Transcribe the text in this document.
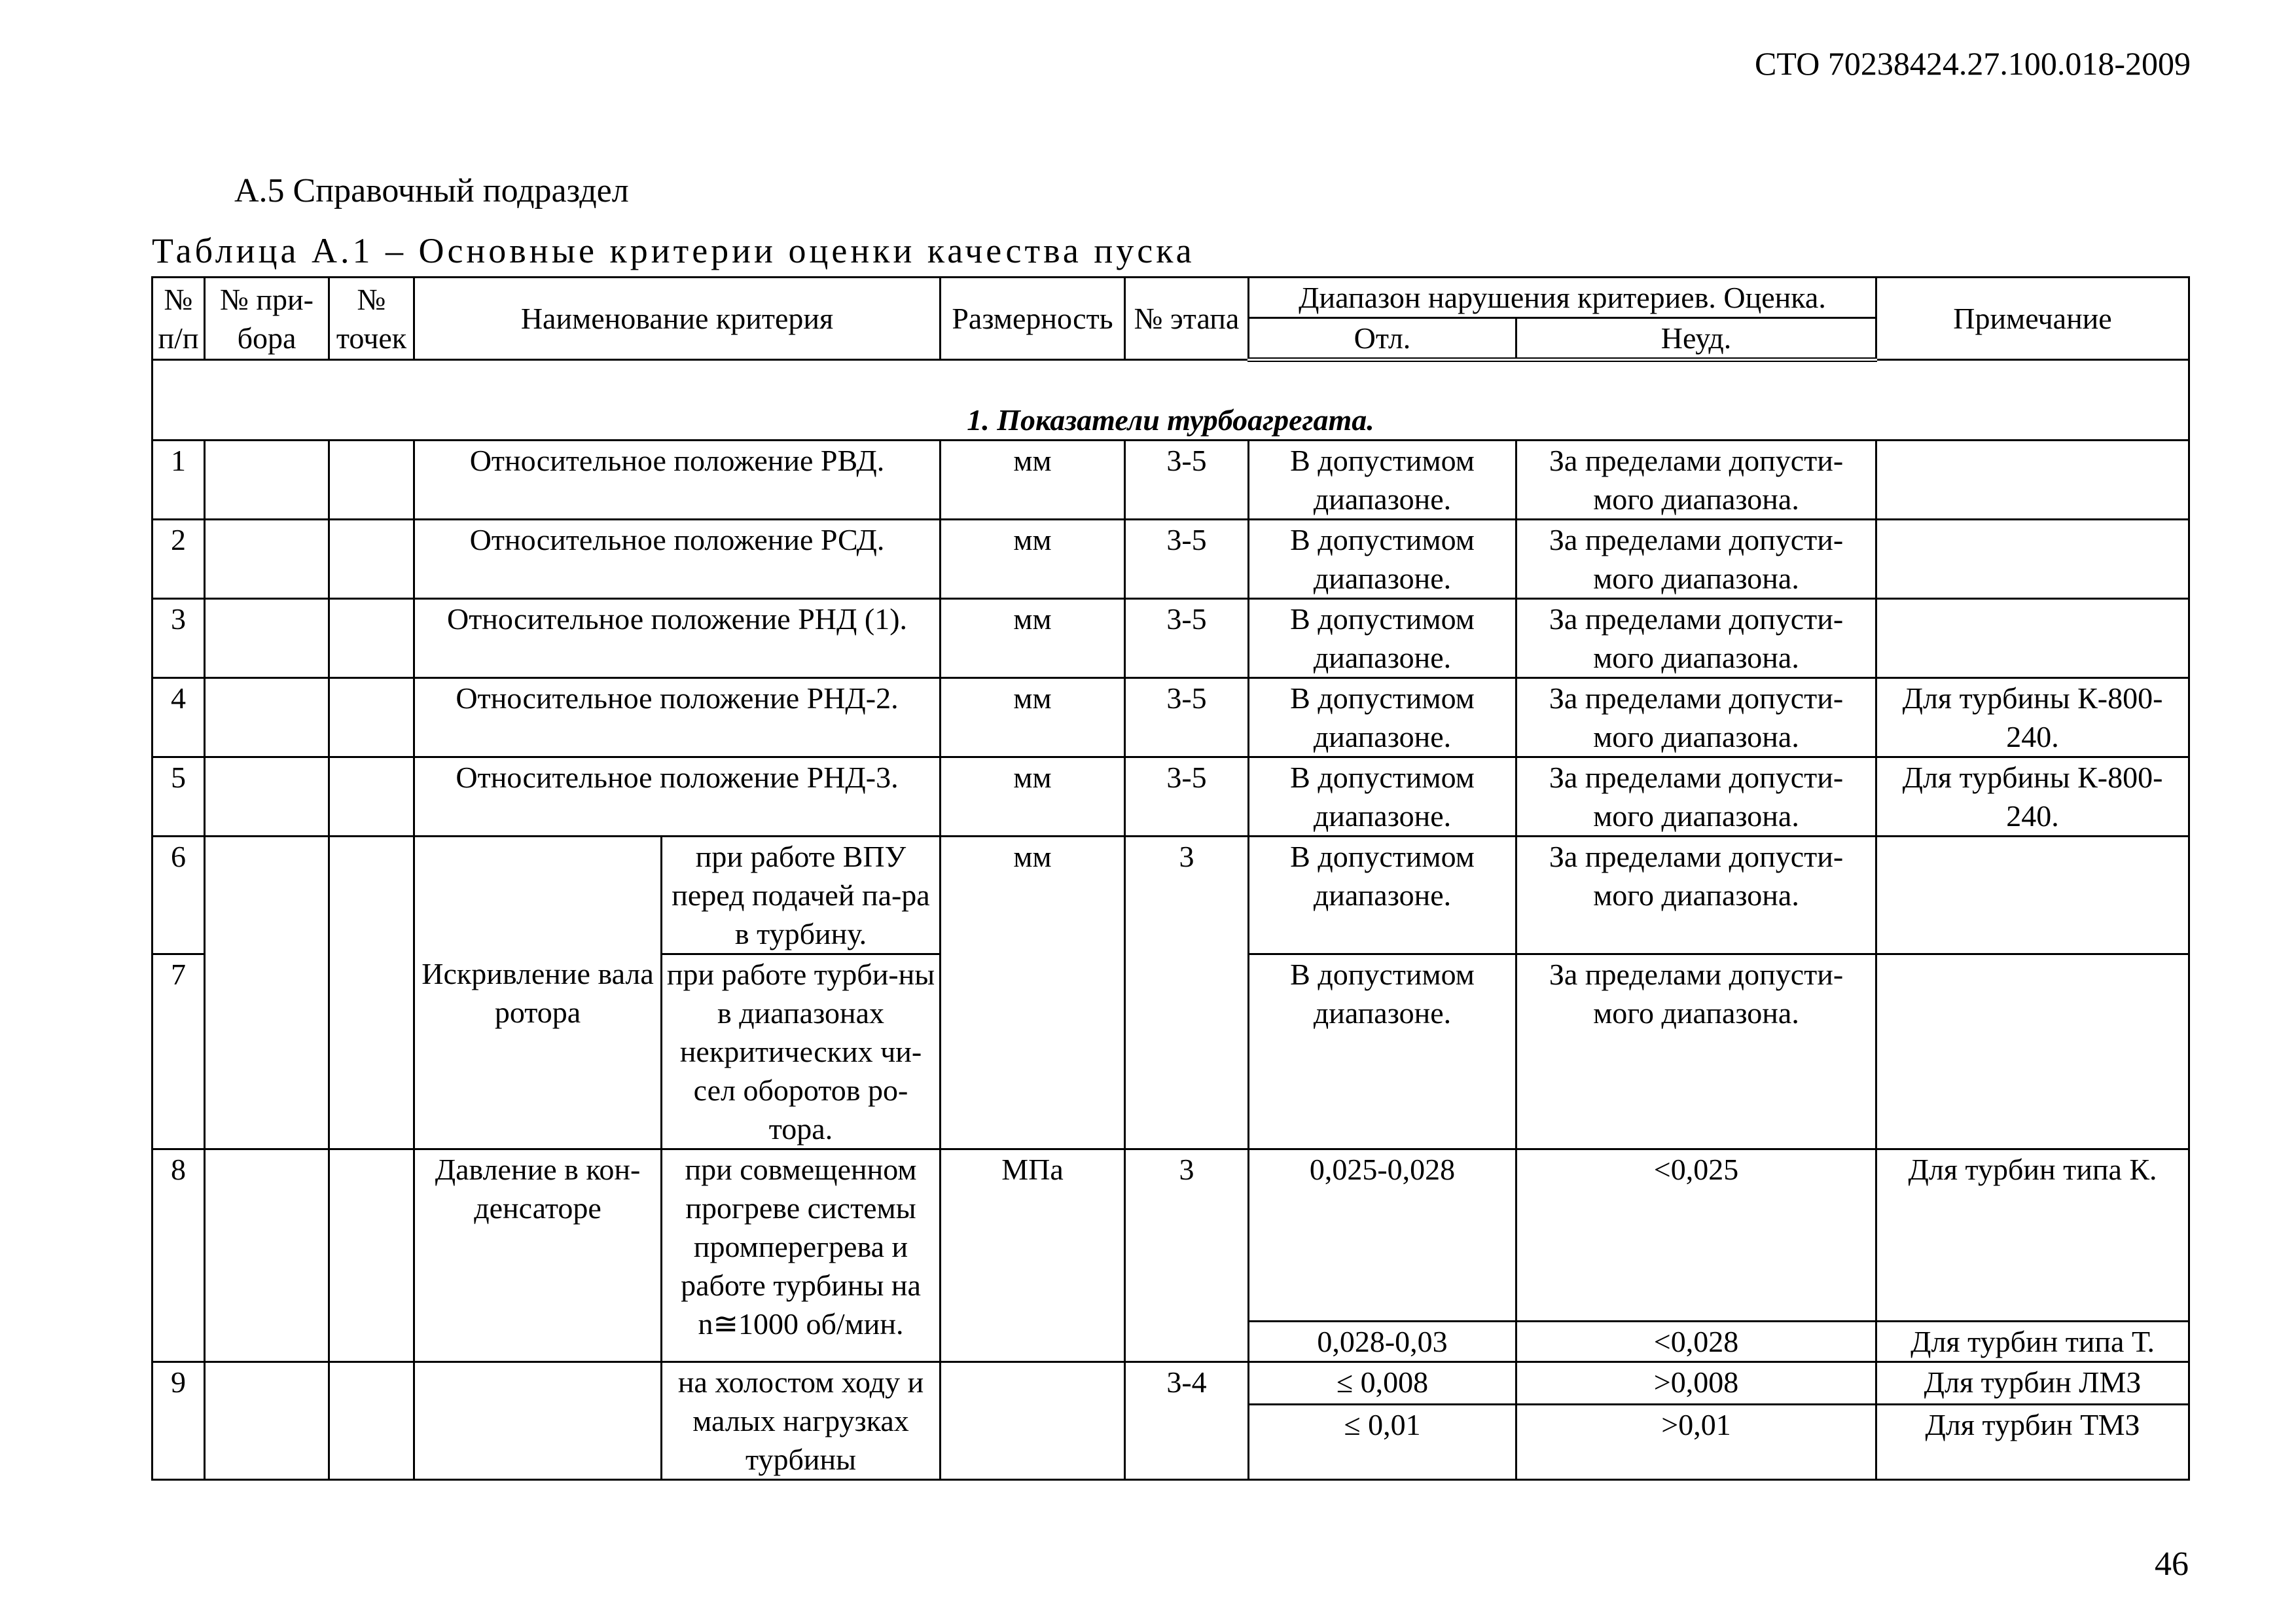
СТО 70238424.27.100.018-2009
А.5 Справочный подраздел
Таблица А.1 – Основные критерии оценки качества пуска
№ п/п	№ при-бора	№ точек	Наименование критерия		Размерность	№ этапа	Диапазон нарушения критериев. Оценка.		Примечание
							Отл.	Неуд.	
1. Показатели турбоагрегата.									
1			Относительное положение РВД.		мм	3-5	В допустимом диапазоне.	За пределами допусти-мого диапазона.	
2			Относительное положение РСД.		мм	3-5	В допустимом диапазоне.	За пределами допусти-мого диапазона.	
3			Относительное положение РНД (1).		мм	3-5	В допустимом диапазоне.	За пределами допусти-мого диапазона.	
4			Относительное положение РНД-2.		мм	3-5	В допустимом диапазоне.	За пределами допусти-мого диапазона.	Для турбины К-800-240.
5			Относительное положение РНД-3.		мм	3-5	В допустимом диапазоне.	За пределами допусти-мого диапазона.	Для турбины К-800-240.
6			Искривление вала ротора	при работе ВПУ перед подачей па-ра в турбину.	мм	3	В допустимом диапазоне.	За пределами допусти-мого диапазона.	
7				при работе турби-ны в диапазонах некритических чи-сел оборотов ро-тора.			В допустимом диапазоне.	За пределами допусти-мого диапазона.	
8			Давление в кон-денсаторе	при совмещенном прогреве системы промперегрева и работе турбины на n≅1000 об/мин.	МПа	3	0,025-0,028	<0,025	Для турбин типа К.
							0,028-0,03	<0,028	Для турбин типа Т.
9				на холостом ходу и малых нагрузках турбины		3-4	≤ 0,008	>0,008	Для турбин ЛМЗ
							≤ 0,01	>0,01	Для турбин ТМЗ
46
